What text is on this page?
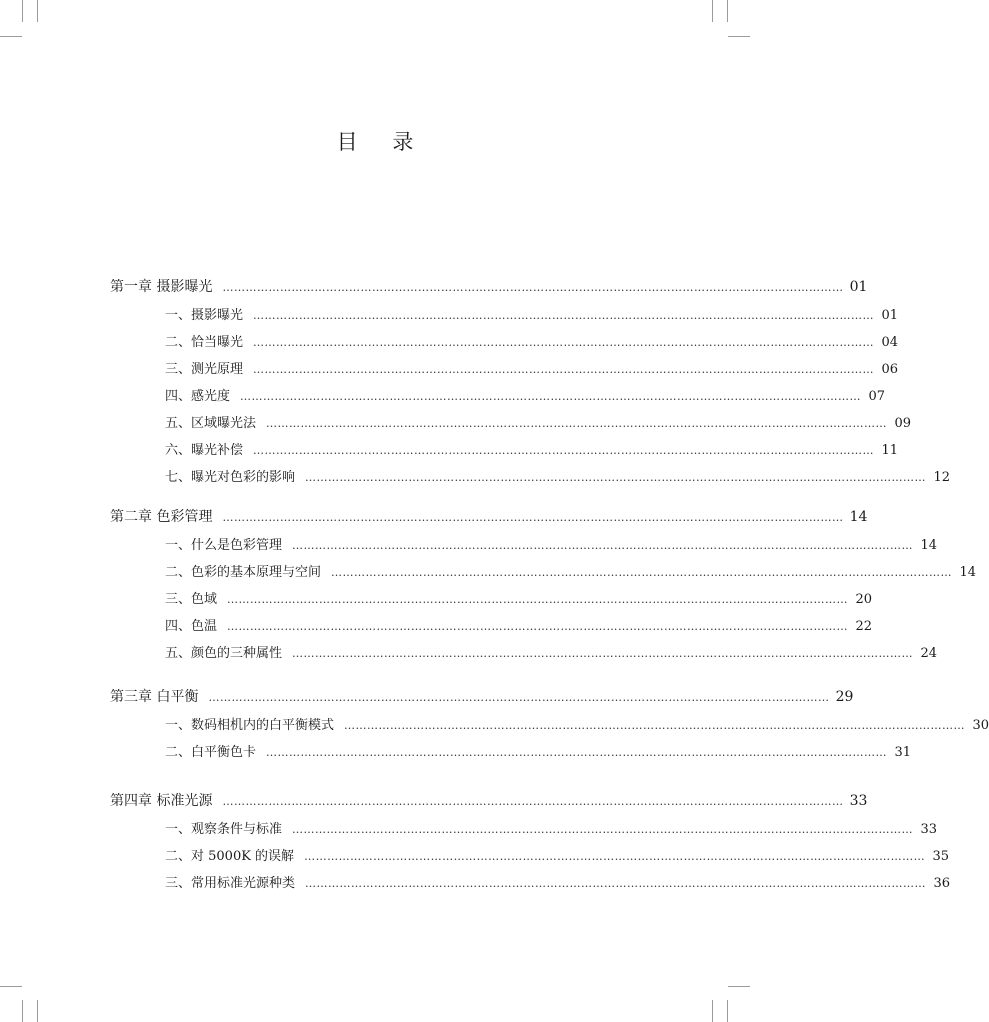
目 录
第一章 摄影曝光 ……………………………………………………………………………………………………………………………………………… 01
一、摄影曝光 ……………………………………………………………………………………………………………………………………………… 01
二、恰当曝光 ……………………………………………………………………………………………………………………………………………… 04
三、测光原理 ……………………………………………………………………………………………………………………………………………… 06
四、感光度 ……………………………………………………………………………………………………………………………………………… 07
五、区域曝光法 ……………………………………………………………………………………………………………………………………………… 09
六、曝光补偿 ……………………………………………………………………………………………………………………………………………… 11
七、曝光对色彩的影响 ……………………………………………………………………………………………………………………………………………… 12
第二章 色彩管理 ……………………………………………………………………………………………………………………………………………… 14
一、什么是色彩管理 ……………………………………………………………………………………………………………………………………………… 14
二、色彩的基本原理与空间 ……………………………………………………………………………………………………………………………………………… 14
三、色域 ……………………………………………………………………………………………………………………………………………… 20
四、色温 ……………………………………………………………………………………………………………………………………………… 22
五、颜色的三种属性 ……………………………………………………………………………………………………………………………………………… 24
第三章 白平衡 ……………………………………………………………………………………………………………………………………………… 29
一、数码相机内的白平衡模式 ……………………………………………………………………………………………………………………………………………… 30
二、白平衡色卡 ……………………………………………………………………………………………………………………………………………… 31
第四章 标准光源 ……………………………………………………………………………………………………………………………………………… 33
一、观察条件与标准 ……………………………………………………………………………………………………………………………………………… 33
二、对 5000K 的误解 ……………………………………………………………………………………………………………………………………………… 35
三、常用标准光源种类 ……………………………………………………………………………………………………………………………………………… 36
